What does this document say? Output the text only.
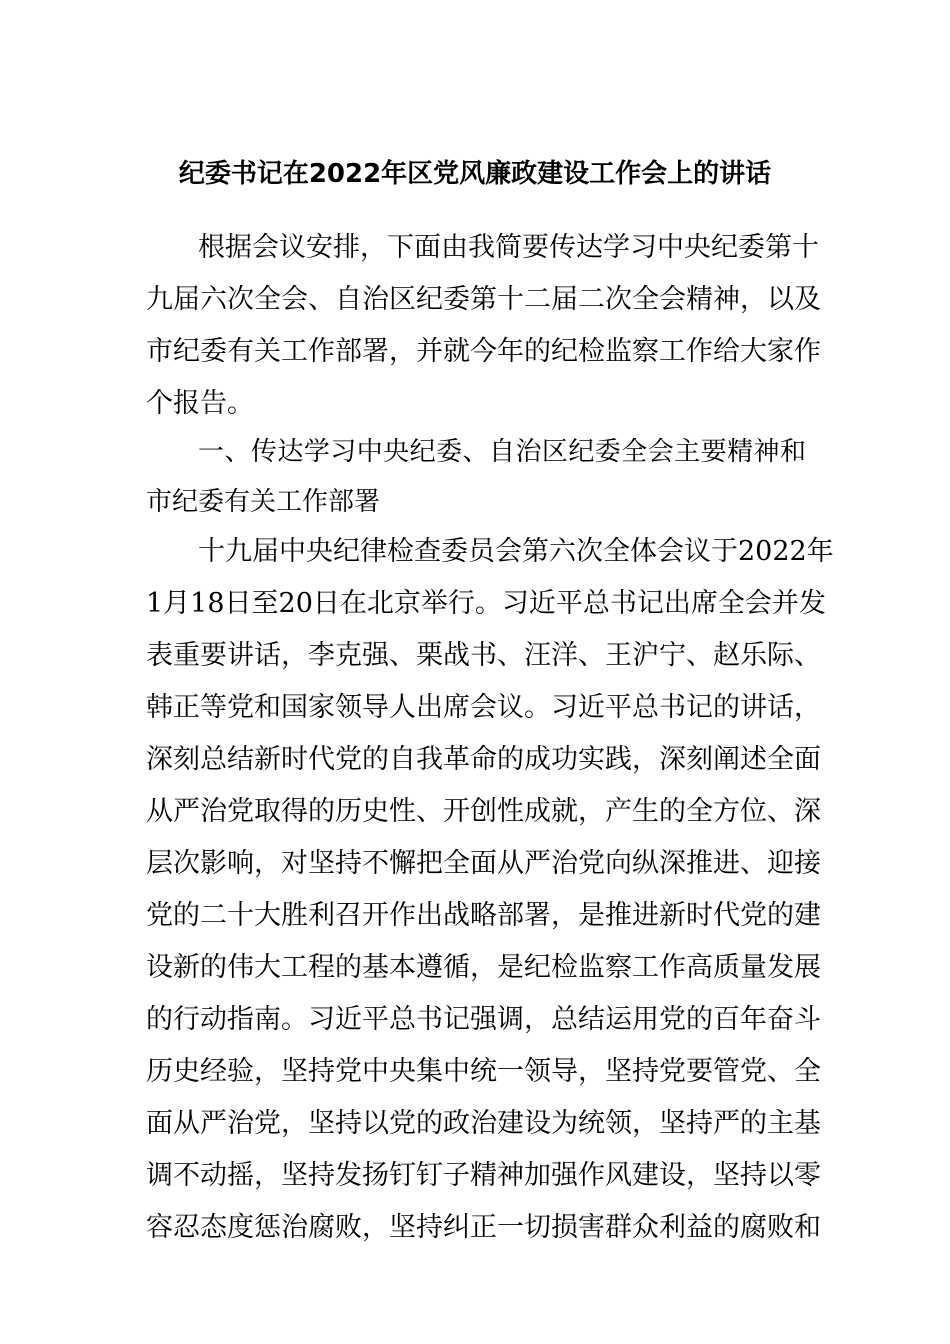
纪委书记在2022年区党风廉政建设工作会上的讲话
根据会议安排，下面由我简要传达学习中央纪委第十
九届六次全会、自治区纪委第十二届二次全会精神，以及
市纪委有关工作部署，并就今年的纪检监察工作给大家作
个报告。
一、传达学习中央纪委、自治区纪委全会主要精神和
市纪委有关工作部署
十九届中央纪律检查委员会第六次全体会议于2022年
1月18日至20日在北京举行。习近平总书记出席全会并发
表重要讲话，李克强、栗战书、汪洋、王沪宁、赵乐际、
韩正等党和国家领导人出席会议。习近平总书记的讲话，
深刻总结新时代党的自我革命的成功实践，深刻阐述全面
从严治党取得的历史性、开创性成就，产生的全方位、深
层次影响，对坚持不懈把全面从严治党向纵深推进、迎接
党的二十大胜利召开作出战略部署，是推进新时代党的建
设新的伟大工程的基本遵循，是纪检监察工作高质量发展
的行动指南。习近平总书记强调，总结运用党的百年奋斗
历史经验，坚持党中央集中统一领导，坚持党要管党、全
面从严治党，坚持以党的政治建设为统领，坚持严的主基
调不动摇，坚持发扬钉钉子精神加强作风建设，坚持以零
容忍态度惩治腐败，坚持纠正一切损害群众利益的腐败和
